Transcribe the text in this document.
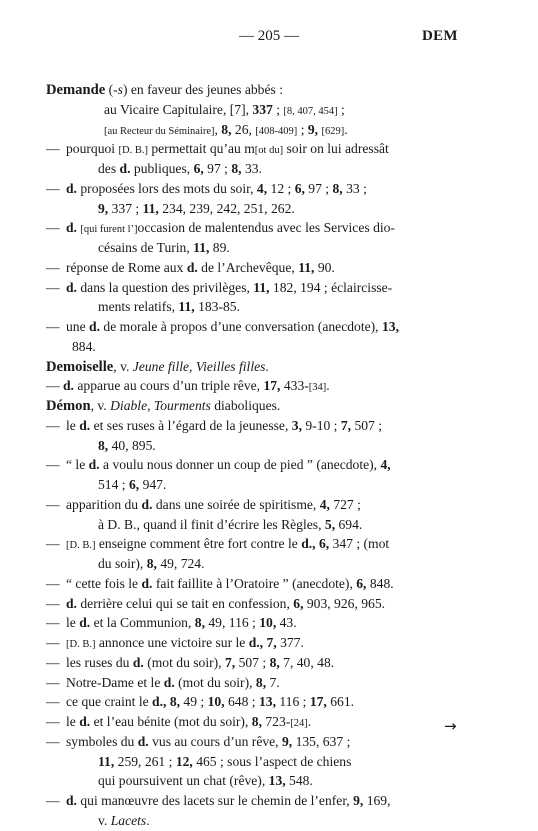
— 205 —	DEM
Demande (-s) en faveur des jeunes abbés :
au Vicaire Capitulaire, [7], 337 ; [8, 407, 454] ;
[au Recteur du Séminaire], 8, 26, [408-409] ; 9, [629].
— pourquoi [D. B.] permettait qu’au m[ot du] soir on lui adressât
des d. publiques, 6, 97 ; 8, 33.
— d. proposées lors des mots du soir, 4, 12 ; 6, 97 ; 8, 33 ;
9, 337 ; 11, 234, 239, 242, 251, 262.
— d. [qui furent l’]occasion de malentendus avec les Services dio-
césains de Turin, 11, 89.
— réponse de Rome aux d. de l’Archevêque, 11, 90.
— d. dans la question des privilèges, 11, 182, 194 ; éclaircisse-
ments relatifs, 11, 183-85.
— une d. de morale à propos d’une conversation (anecdote), 13,
884.
Demoiselle, v. Jeune fille, Vieilles filles.
— d. apparue au cours d’un triple rêve, 17, 433-[34].
Démon, v. Diable, Tourments diaboliques.
— le d. et ses ruses à l’égard de la jeunesse, 3, 9-10 ; 7, 507 ;
8, 40, 895.
— “ le d. a voulu nous donner un coup de pied ” (anecdote), 4,
514 ; 6, 947.
— apparition du d. dans une soirée de spiritisme, 4, 727 ;
à D. B., quand il finit d’écrire les Règles, 5, 694.
— [D. B.] enseigne comment être fort contre le d., 6, 347 ; (mot
du soir), 8, 49, 724.
— “ cette fois le d. fait faillite à l’Oratoire ” (anecdote), 6, 848.
— d. derrière celui qui se tait en confession, 6, 903, 926, 965.
— le d. et la Communion, 8, 49, 116 ; 10, 43.
— [D. B.] annonce une victoire sur le d., 7, 377.
— les ruses du d. (mot du soir), 7, 507 ; 8, 7, 40, 48.
— Notre-Dame et le d. (mot du soir), 8, 7.
— ce que craint le d., 8, 49 ; 10, 648 ; 13, 116 ; 17, 661.
— le d. et l’eau bénite (mot du soir), 8, 723-[24].
— symboles du d. vus au cours d’un rêve, 9, 135, 637 ;
11, 259, 261 ; 12, 465 ; sous l’aspect de chiens
qui poursuivent un chat (rêve), 13, 548.
— d. qui manœuvre des lacets sur le chemin de l’enfer, 9, 169,
v. Lacets.
→
